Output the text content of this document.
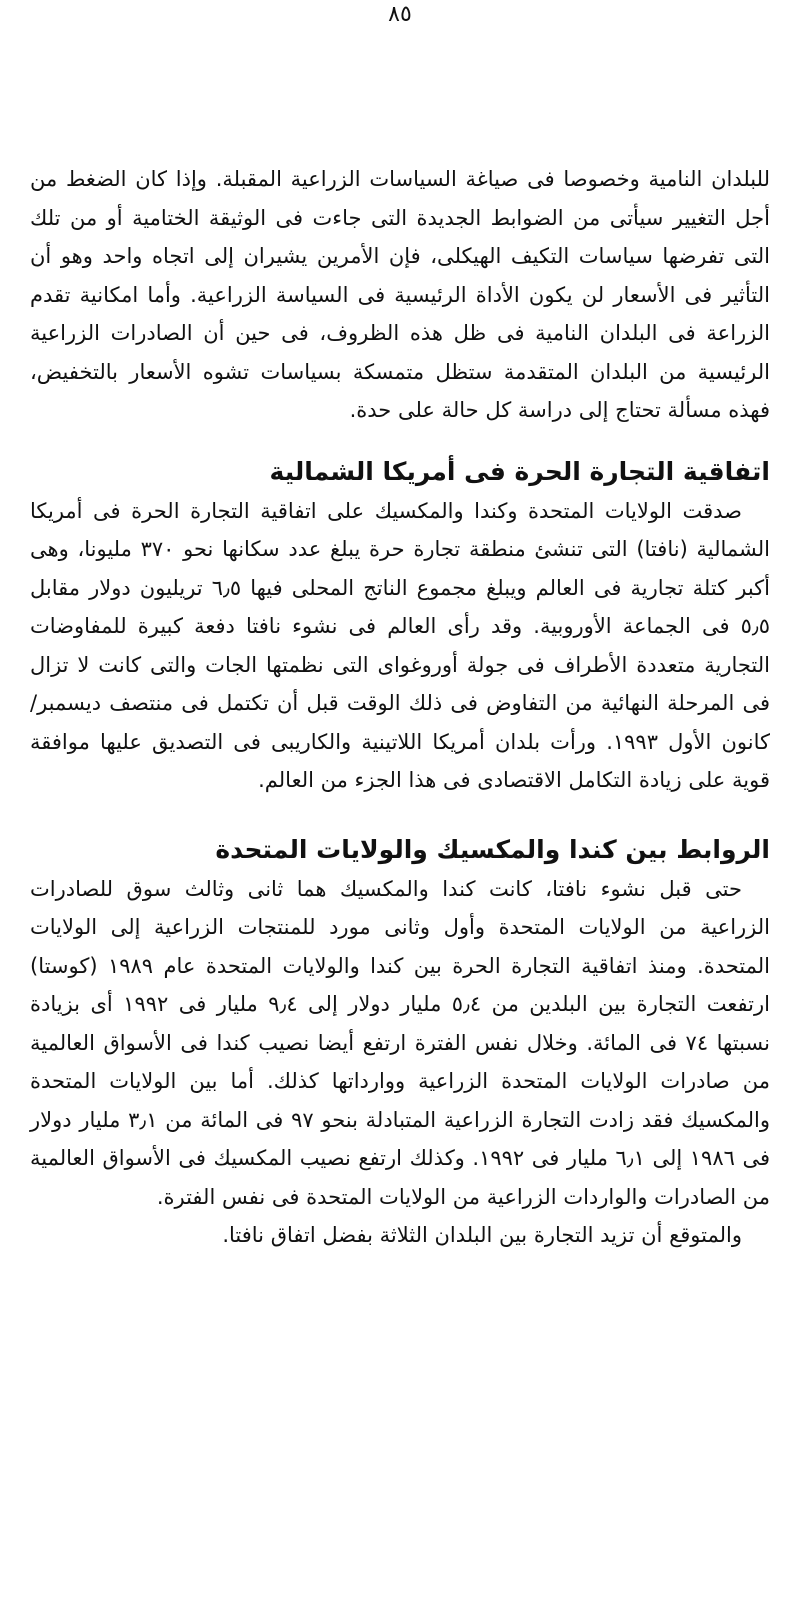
٨٥

للبلدان النامية وخصوصا فى صياغة السياسات الزراعية المقبلة. وإذا كان الضغط من أجل التغيير سيأتى من الضوابط الجديدة التى جاءت فى الوثيقة الختامية أو من تلك التى تفرضها سياسات التكيف الهيكلى، فإن الأمرين يشيران إلى اتجاه واحد وهو أن التأثير فى الأسعار لن يكون الأداة الرئيسية فى السياسة الزراعية. وأما امكانية تقدم الزراعة فى البلدان النامية فى ظل هذه الظروف، فى حين أن الصادرات الزراعية الرئيسية من البلدان المتقدمة ستظل متمسكة بسياسات تشوه الأسعار بالتخفيض، فهذه مسألة تحتاج إلى دراسة كل حالة على حدة.

اتفاقية التجارة الحرة فى أمريكا الشمالية

صدقت الولايات المتحدة وكندا والمكسيك على اتفاقية التجارة الحرة فى أمريكا الشمالية (نافتا) التى تنشئ منطقة تجارة حرة يبلغ عدد سكانها نحو ٣٧٠ مليونا، وهى أكبر كتلة تجارية فى العالم ويبلغ مجموع الناتج المحلى فيها ٦٫٥ تريليون دولار مقابل ٥٫٥ فى الجماعة الأوروبية. وقد رأى العالم فى نشوء نافتا دفعة كبيرة للمفاوضات التجارية متعددة الأطراف فى جولة أوروغواى التى نظمتها الجات والتى كانت لا تزال فى المرحلة النهائية من التفاوض فى ذلك الوقت قبل أن تكتمل فى منتصف ديسمبر/ كانون الأول ١٩٩٣. ورأت بلدان أمريكا اللاتينية والكاريبى فى التصديق عليها موافقة قوية على زيادة التكامل الاقتصادى فى هذا الجزء من العالم.

الروابط بين كندا والمكسيك والولايات المتحدة

حتى قبل نشوء نافتا، كانت كندا والمكسيك هما ثانى وثالث سوق للصادرات الزراعية من الولايات المتحدة وأول وثانى مورد للمنتجات الزراعية إلى الولايات المتحدة. ومنذ اتفاقية التجارة الحرة بين كندا والولايات المتحدة عام ١٩٨٩ (كوستا) ارتفعت التجارة بين البلدين من ٥٫٤ مليار دولار إلى ٩٫٤ مليار فى ١٩٩٢ أى بزيادة نسبتها ٧٤ فى المائة. وخلال نفس الفترة ارتفع أيضا نصيب كندا فى الأسواق العالمية من صادرات الولايات المتحدة الزراعية ووارداتها كذلك. أما بين الولايات المتحدة والمكسيك فقد زادت التجارة الزراعية المتبادلة بنحو ٩٧ فى المائة من ٣٫١ مليار دولار فى ١٩٨٦ إلى ٦٫١ مليار فى ١٩٩٢. وكذلك ارتفع نصيب المكسيك فى الأسواق العالمية من الصادرات والواردات الزراعية من الولايات المتحدة فى نفس الفترة.

والمتوقع أن تزيد التجارة بين البلدان الثلاثة بفضل اتفاق نافتا.
